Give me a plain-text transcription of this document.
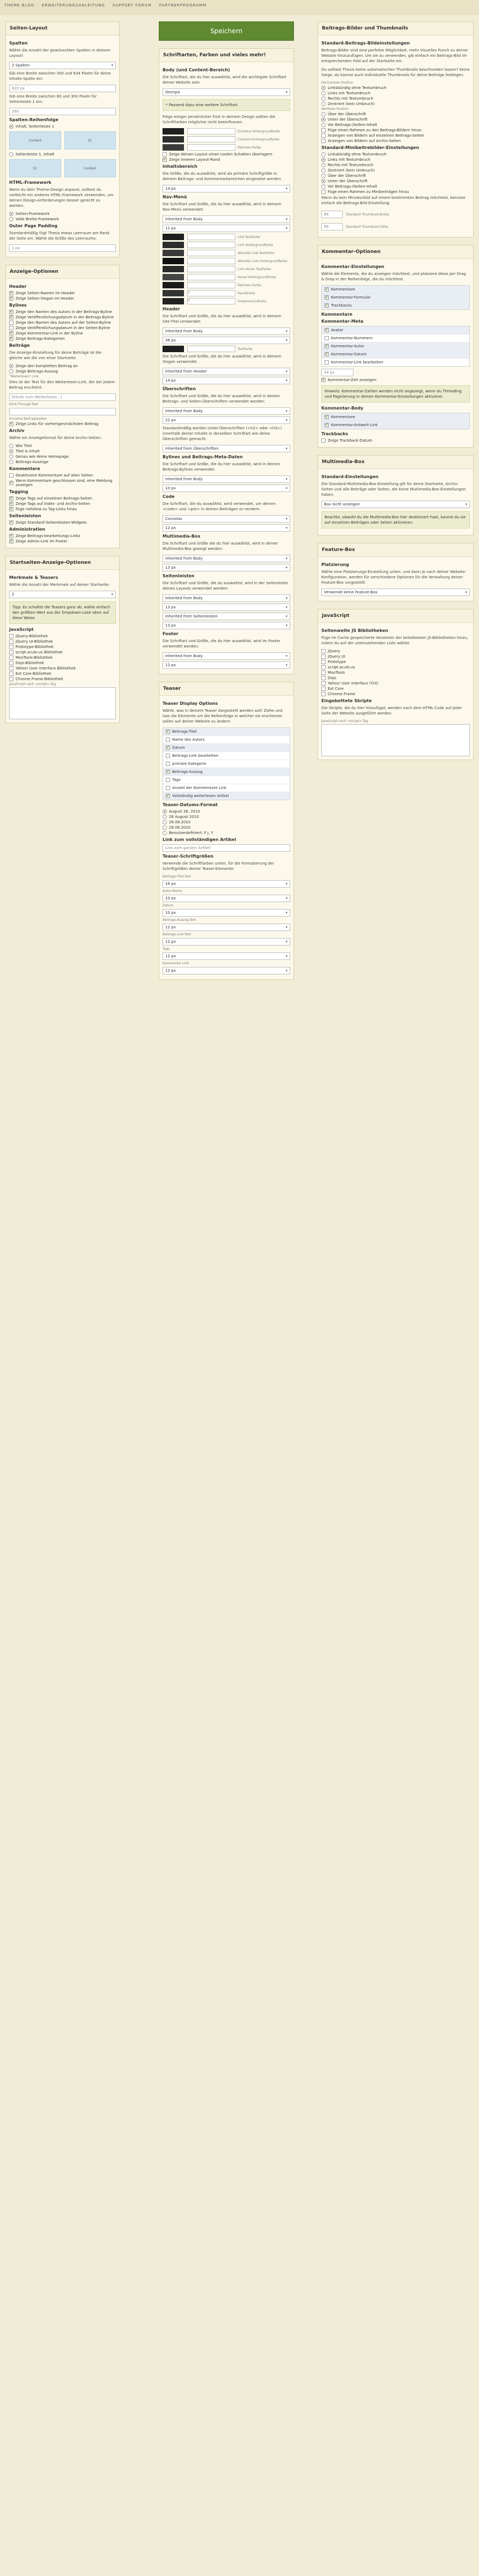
THEME BLOG ERWEITERUNGSANLEITUNG SUPPORT FORUM PARTNERPROGRAMM
Seiten-Layout
Spalten
Wähle die Anzahl der gewünschten Spalten in deinem Layout!
2 Spalten
▾
Gib eine Breite zwischen 300 und 634 Pixeln für deine Inhalts-Spalte ein:
620 px
Gib eine Breite zwischen 60 und 300 Pixeln für Seitenleiste 1 ein:
260
Spalten-Reihenfolge
Inhalt, Seitenleiste 1
Content	S1
Seitenleiste 1, Inhalt
S1	Content
HTML-Framework
Wenn du dein Theme-Design anpasst, solltest du vielleicht ein anderes HTML-Framework verwenden, um deinen Design-Anforderungen besser gerecht zu werden.
Seiten-Framework
Volle Breite-Framework
Outer Page Padding
Standardmäßig fügt Thesis etwas Leerraum am Rand der Seite ein. Wähle die Größe des Leerraums:
1 px
Anzeige-Optionen
Header
✓
Zeige Seiten-Namen im Header
✓
Zeige Seiten-Slogan im Header
Bylines
✓
Zeige den Namen des Autors in der Beitrags-Byline
✓
Zeige Veröffentlichungsdatum in der Beitrags-Byline
Zeige den Namen des Autors auf der Seiten-Byline
Zeige Veröffentlichungsdatum in der Seiten-Byline
✓
Zeige Kommentar-Link in der Byline
✓
Zeige Beitrags-Kategorien
Beiträge
Die Anzeige-Einstellung für deine Beiträge ist die gleiche wie die von einer Startseite.
Zeige den kompletten Beitrag an
Zeige Beitrags-Auszug
"Weiterlesen"-Link
Dies ist der Text für den Weiterlesen-Link, der bei jedem Beitrag erscheint.
[Klicke zum Weiterlesen...]
Klick-Through-Text
Einzelne Beitragsseiten
✓
Zeige Links für vorherigen/nächsten Beitrag
Archiv
Wähle ein Anzeigeformat für deine Archiv-Seiten:
Wie Titel
Titel & Inhalt
Genau wie deine Homepage
Beitrags-Auszüge
Kommentare
Deaktiviere Kommentare auf allen Seiten
✓
Wenn Kommentare geschlossen sind, eine Meldung anzeigen
Tagging
✓
Zeige Tags auf einzelnen Beitrags-Seiten
✓
Zeige Tags auf Index- und Archiv-Seiten
✓
Füge nofollow zu Tag-Links hinzu
Seitenleisten
✓
Zeige Standard-Seitenleisten-Widgets
Administration
✓
Zeige Beitrags-bearbeitungs-Links
✓
Zeige Admin-Link im Footer
Startseiten-Anzeige-Optionen
Merkmale & Teasers
Wähle die Anzahl der Merkmale auf deiner Startseite:
2
▾
Tipp: Es schaltet die Teasers ganz ab, wähle einfach den größten Wert aus der Dropdown-Liste oben auf diese Weise.
JavaScript
jQuery-Bibliothek
jQuery UI-Bibliothek
Prototype-Bibliothek
script.aculo.us Bibliothek
MooTools-Bibliothek
Dojo-Bibliothek
Yahoo! User Interface Bibliothek
Ext Core-Bibliothek
Chrome Frame-Bibliothek
JavaScript nach <script>-Tag
Speichern
Schriftarten, Farben und vieles mehr!
Body (und Content-Bereich)
Die Schriftart, die du hier auswählst, wird die wichtigste Schriftart deiner Website sein.
Georgia
▾
* Passend dazu eine weitere Schriftart.
Folge einiger persönlicher Font in deinem Design sollten die Schriftfarben möglichst nicht beeinflussen.
Einzelne Hintergrundfarbe
Content-Hintergrundfarbe
Rahmen-Farbe
Zeige deinen Layout einen coolen Schatten überlagern
✓
Zeige inneren Layout-Rand
Inhaltsbereich
Die Größe, die du auswählst, wird als primäre Schriftgröße in deinem Beitrags- und Kommentarbereichen eingesetzt werden.
14 px
▾
Nav-Menü
Die Schriftart und Größe, die du hier auswählst, wird in deinem Nav-Menü verwendet:
Inherited from Body
▾
11 px
▾
Link-Textfarbe
Link Hintergrundfarbe
Aktuelle Link-Textfarbe
Aktuelle Link-Hintergrundfarbe
Link-Hover Textfarbe
Hover-Hintergrundfarbe
Rahmen-Farbe
1	Randbreite
0	Untermenü-Breite
Header
Die Schriftart und Größe, die du hier auswählst, wird in deinem Site-Titel verwendet:
Inherited from Body
▾
36 px
▾
Textfarbe
Die Schriftart und Größe, die du hier auswählst, wird in deinem Slogan verwendet.
Inherited from Header
▾
14 px
▾
Überschriften
Die Schriftart und Größe, die du hier auswählst, wird in deinen Beitrags- und Seiten-Überschriften verwendet werden:
Inherited from Body
▾
22 px
▾
Standardmäßig werden Unter-Überschriften (<h2> oder <h3>) innerhalb deiner Inhalte in derselben Schriftart wie deine Überschriften gemacht.
Inherited from Überschriften
▾
Bylines und Beitrags-Meta-Daten
Die Schriftart und Größe, die du hier auswählst, wird in deinen Beitrags-Bylines verwendet:
Inherited from Body
▾
10 px
▾
Code
Die Schriftart, die du auswählst, wird verwendet, um deinen <code> und <pre> in deinen Beiträgen zu rendern.
Consolas
▾
12 px
▾
Multimedia-Box
Die Schriftart und Größe die du hier auswählst, wird in deiner Multimedia-Box gezeigt werden:
Inherited from Body
▾
13 px
▾
Seitenleisten
Die Schriftart und Größe, die du auswählst, wird in der Seitenleiste deines Layouts verwendet werden:
Inherited from Body
▾
13 px
▾
Inherited from Seitenleisten
▾
13 px
▾
Footer
Die Schriftart und Größe, die du hier auswählst, wird im Footer verwendet werden:
Inherited from Body
▾
12 px
▾
Teaser
Teaser Display Options
Wähle, was in deinem Teaser dargestellt werden soll! Ziehe und lass die Elemente um die Reihenfolge in welcher sie erscheinen sollen auf deiner Website zu ändern.
✓
Beitrags-Titel
Name des Autors
✓
Datum
Beitrags-Link bearbeiten
primäre Kategorie
✓
Beitrags-Auszug
Tags
Anzahl der Kommentare Link
✓
Vollständig weiterlesen Artikel
Teaser-Datums-Format
August 26, 2010
26 August 2010
26.08.2010
26.08.2010
Benutzerdefiniert: F j, Y
Link zum vollständigen Artikel
Link zum ganzen Artikel
Teaser-Schriftgrößen
Verwende die Schriftfarben unten, für die Formatierung der Schriftgrößen deiner Teaser-Elemente:
Beitrags-Titel-Text
16 px
▾
Autor-Name
10 px
▾
Datum
10 px
▾
Beitrags-Auszug-Text
12 px
▾
Beitrags-Link-Text
12 px
▾
Tags
12 px
▾
Kommentar Link
12 px
▾
Beitrags-Bilder und Thumbnails
Standard-Beitrags-Bildeinstellungen
Beitrags-Bilder sind eine perfekte Möglichkeit, mehr Visuelles Punch zu deiner Website hinzuzufügen. Um sie zu verwenden, gib einfach ein Beitrags-Bild im entsprechenden Feld auf der Startseite ein.
Du solltest Thesis keine automatischen Thumbnails beschneiden lassen? Keine Sorge, du kannst auch individuelle Thumbnails für deine Beiträge festlegen.
Horizontale Position
Linksbündig ohne Textumbruch
Links mit Textumbruch
Rechts mit Textumbruch
Zentriert (kein Umbruch)
Vertikale Position
Über der Überschrift
Unter der Überschrift
Vor Beitrags-/Seiten-Inhalt
Füge einen Rahmen zu den Beitrags-Bildern hinzu
Anzeigen von Bildern auf einzelnen Beitrags-Seiten
Anzeigen von Bildern auf Archiv-Seiten
Standard-Minibeitrebilder-Einstellungen
Linksbündig ohne Textumbruch
Links mit Textumbruch
Rechts mit Textumbruch
Zentriert (kein Umbruch)
Über der Überschrift
Unter der Überschrift
Vor Beitrags-/Seiten-Inhalt
Füge einen Rahmen zu Minibeiträgen hinzu
Wenn du kein Miniaturbild auf einem bestimmten Beitrag möchtest, benutze einfach die Beitrags-Bild-Einstellung.
66	Standard Thumbnail-Breite
66	Standard Thumbnail-Höhe
Kommentar-Optionen
Kommentar-Einstellungen
Wähle die Elemente, die du anzeigen möchtest, und platziere diese per Drag & Drop in der Reihenfolge, die du möchtest.
✓
Kommentare
✓
Kommentar-Formular
✓
Trackbacks
Kommentare
Kommentar-Meta
✓
Avatar
Kommentar-Nummern
✓
Kommentar-Autor
✓
Kommentar-Datum
Kommentar-Link bearbeiten
44 px
✓
Kommentar-Zeit anzeigen
Hinweis: Kommentar-Zahlen werden nicht angezeigt, wenn du Threading und Paginierung in deinen Kommentar-Einstellungen aktivierst.
Kommentar-Body
✓
Kommentare
✓
Kommentar-Antwort-Link
Trackbacks
Zeige Trackback-Datum
Multimedia-Box
Standard-Einstellungen
Die Standard-Multimedia-Box-Einstellung gilt für deine Startseite, Archiv-Seiten und alle Beiträge oder Seiten, die keine Multimedia-Box-Einstellungen haben.
Box nicht anzeigen
▾
Beachte, obwohl du die Multimedia-Box hier deaktiviert hast, kannst du sie auf einzelnen Beiträgen oder Seiten aktivieren.
Feature-Box
Platzierung
Wähle eine Platzierungs-Einstellung unten, und dann je nach deiner Website-Konfiguration, werden für verschiedene Optionen für die Verwaltung deiner Feature-Box vorgestellt.
Verwende keine Feature-Box
▾
JavaScript
Seitenweite JS Bibliotheken
Füge im Cache gespeicherte Versionen der beliebtesten JS-Bibliotheken hinzu, indem du auf der untenstehenden Liste wählst.
jQuery
jQuery UI
Prototype
script.aculo.us
MooTools
Dojo
Yahoo! User Interface (YUI)
Ext Core
Chrome Frame
Eingebettete Skripte
Die Skripte, die du hier hinzufügst, werden nach dem HTML-Code auf jeder Seite der Website ausgeführt werden.
JavaScript nach <script>-Tag
